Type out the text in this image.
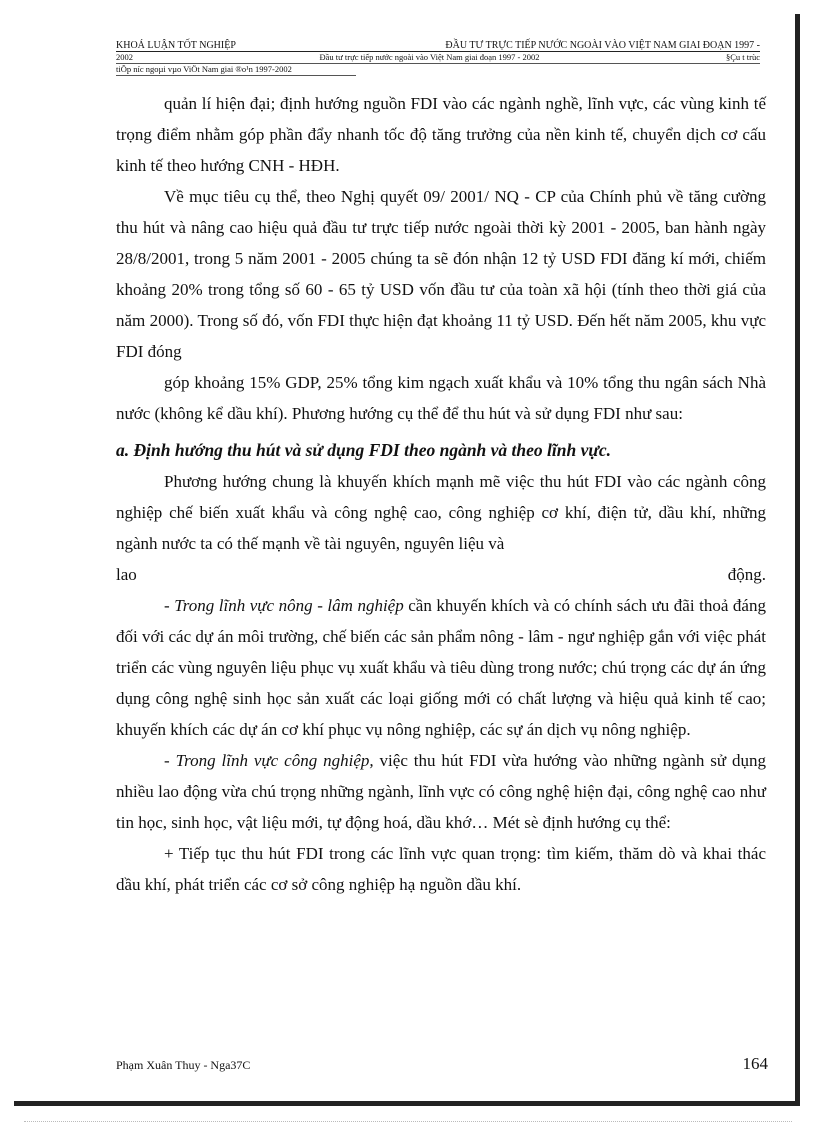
KHOÁ LUẬN TỐT NGHIỆP	ĐẦU TƯ TRỰC TIẾP NƯỚC NGOÀI VÀO VIỆT NAM GIAI ĐOẠN 1997 -
2002	Đầu tư trực tiếp nước ngoài vào Việt Nam giai đoạn 1997 - 2002	§Çu t trùc
tiÕp níc ngoµi vµo ViÖt Nam giai ®o¹n 1997-2002

quản lí hiện đại; định hướng nguồn FDI vào các ngành nghề, lĩnh vực, các vùng kinh tế trọng điểm nhằm góp phần đẩy nhanh tốc độ tăng trưởng của nền kinh tế, chuyển dịch cơ cấu kinh tế theo hướng CNH - HĐH.

Về mục tiêu cụ thể, theo Nghị quyết 09/ 2001/ NQ - CP của Chính phủ về tăng cường thu hút và nâng cao hiệu quả đầu tư trực tiếp nước ngoài thời kỳ 2001 - 2005, ban hành ngày 28/8/2001, trong 5 năm 2001 - 2005 chúng ta sẽ đón nhận 12 tỷ USD FDI đăng kí mới, chiếm khoảng 20% trong tổng số 60 - 65 tỷ USD vốn đầu tư của toàn xã hội (tính theo thời giá của năm 2000). Trong số đó, vốn FDI thực hiện đạt khoảng 11 tỷ USD. Đến hết năm 2005, khu vực FDI đóng

góp khoảng 15% GDP, 25% tổng kim ngạch xuất khẩu và 10% tổng thu ngân sách Nhà nước (không kể dầu khí). Phương hướng cụ thể để thu hút và sử dụng FDI như sau:

a. Định hướng thu hút và sử dụng FDI theo ngành và theo lĩnh vực.

Phương hướng chung là khuyến khích mạnh mẽ việc thu hút FDI vào các ngành công nghiệp chế biến xuất khẩu và công nghệ cao, công nghiệp cơ khí, điện tử, dầu khí, những ngành nước ta có thế mạnh về tài nguyên, nguyên liệu và

lao	động.

- Trong lĩnh vực nông - lâm nghiệp cần khuyến khích và có chính sách ưu đãi thoả đáng đối với các dự án môi trường, chế biến các sản phẩm nông - lâm - ngư nghiệp gắn với việc phát triển các vùng nguyên liệu phục vụ xuất khẩu và tiêu dùng trong nước; chú trọng các dự án ứng dụng công nghệ sinh học sản xuất các loại giống mới có chất lượng và hiệu quả kinh tế cao; khuyến khích các dự án cơ khí phục vụ nông nghiệp, các sự án dịch vụ nông nghiệp.

- Trong lĩnh vực công nghiệp, việc thu hút FDI vừa hướng vào những ngành sử dụng nhiều lao động vừa chú trọng những ngành, lĩnh vực có công nghệ hiện đại, công nghệ cao như tin học, sinh học, vật liệu mới, tự động hoá, dầu khớ… Mét sè định hướng cụ thể:

+ Tiếp tục thu hút FDI trong các lĩnh vực quan trọng: tìm kiếm, thăm dò và khai thác dầu khí, phát triển các cơ sở công nghiệp hạ nguồn dầu khí.

Phạm Xuân Thuy - Nga37C	164
